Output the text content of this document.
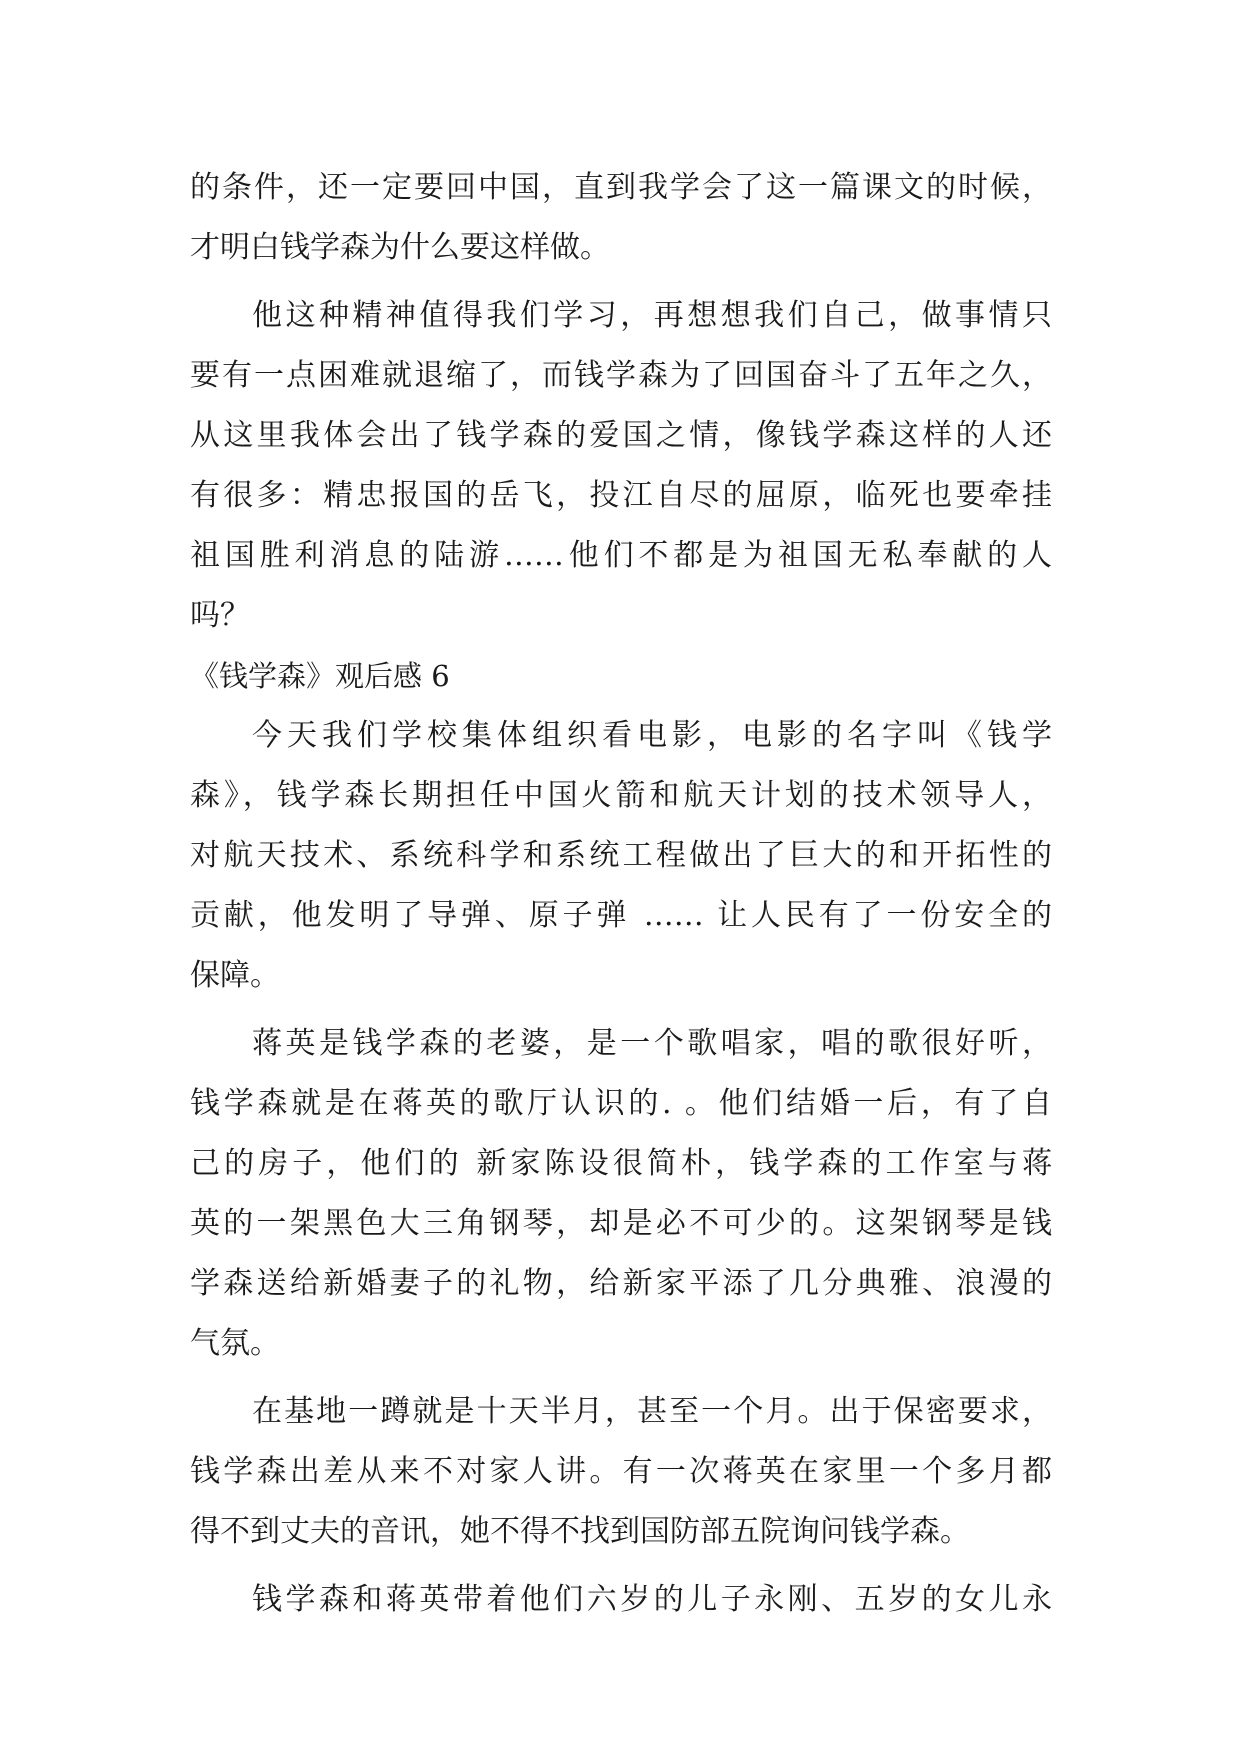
的条件，还一定要回中国，直到我学会了这一篇课文的时候，
才明白钱学森为什么要这样做。
他这种精神值得我们学习，再想想我们自己，做事情只
要有一点困难就退缩了，而钱学森为了回国奋斗了五年之久，
从这里我体会出了钱学森的爱国之情，像钱学森这样的人还
有很多：精忠报国的岳飞，投江自尽的屈原，临死也要牵挂
祖国胜利消息的陆游……他们不都是为祖国无私奉献的人
吗？
《钱学森》观后感 6
今天我们学校集体组织看电影，电影的名字叫《钱学
森》，钱学森长期担任中国火箭和航天计划的技术领导人，
对航天技术、系统科学和系统工程做出了巨大的和开拓性的
贡献，他发明了导弹、原子弹 …… 让人民有了一份安全的
保障。
蒋英是钱学森的老婆，是一个歌唱家，唱的歌很好听，
钱学森就是在蒋英的歌厅认识的. 。他们结婚一后，有了自
己的房子，他们的 新家陈设很简朴，钱学森的工作室与蒋
英的一架黑色大三角钢琴，却是必不可少的。这架钢琴是钱
学森送给新婚妻子的礼物，给新家平添了几分典雅、浪漫的
气氛。
在基地一蹲就是十天半月，甚至一个月。出于保密要求，
钱学森出差从来不对家人讲。有一次蒋英在家里一个多月都
得不到丈夫的音讯，她不得不找到国防部五院询问钱学森。
钱学森和蒋英带着他们六岁的儿子永刚、五岁的女儿永
